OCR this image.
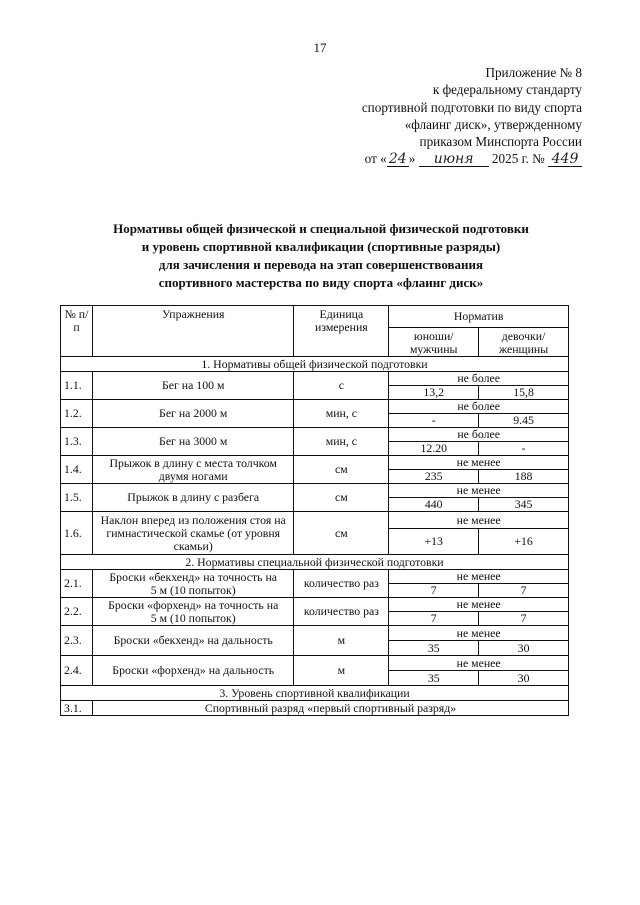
17
Приложение № 8
к федеральному стандарту
спортивной подготовки по виду спорта
«флаинг диск», утвержденному
приказом Минспорта России
от « 24 » июня 2025 г. № 449
Нормативы общей физической и специальной физической подготовки
и уровень спортивной квалификации (спортивные разряды)
для зачисления и перевода на этап совершенствования
спортивного мастерства по виду спорта «флаинг диск»
№ п/п	Упражнения	Единица измерения	Норматив	
			юноши/ мужчины	девочки/ женщины
1. Нормативы общей физической подготовки				
1.1.	Бег на 100 м	с	не более	
			13,2	15,8
1.2.	Бег на 2000 м	мин, с	не более	
			-	9.45
1.3.	Бег на 3000 м	мин, с	не более	
			12.20	-
1.4.	Прыжок в длину с места толчком двумя ногами	см	не менее	
			235	188
1.5.	Прыжок в длину с разбега	см	не менее	
			440	345
1.6.	Наклон вперед из положения стоя на гимнастической скамье (от уровня скамьи)	см	не менее	
			+13	+16
2. Нормативы специальной физической подготовки				
2.1.	Броски «бекхенд» на точность на 5 м (10 попыток)	количество раз	не менее	
			7	7
2.2.	Броски «форхенд» на точность на 5 м (10 попыток)	количество раз	не менее	
			7	7
2.3.	Броски «бекхенд» на дальность	м	не менее	
			35	30
2.4.	Броски «форхенд» на дальность	м	не менее	
			35	30
3. Уровень спортивной квалификации				
3.1.	Спортивный разряд «первый спортивный разряд»			
